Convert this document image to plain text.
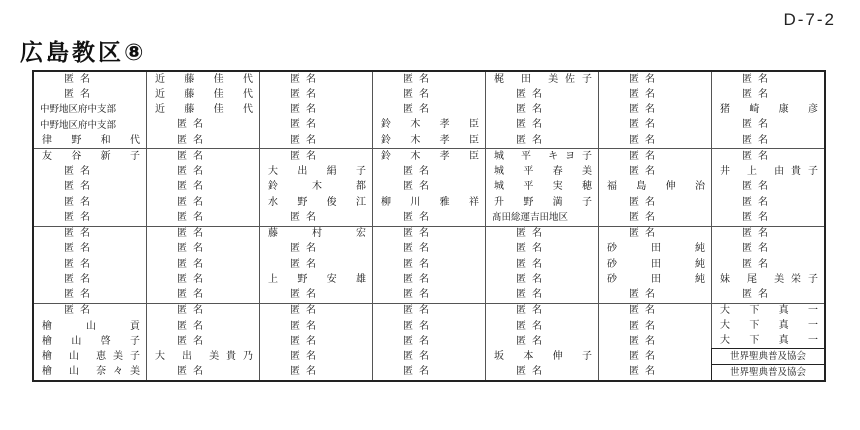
D-7-2
広島教区⑧
匿 名
匿 名
中野地区府中支部
中野地区府中支部
律 野 和 代
友 谷 新 子
匿 名
匿 名
匿 名
匿 名
匿 名
匿 名
匿 名
匿 名
匿 名
匿 名
檜 山 貢
檜 山 啓 子
檜 山 恵美子
檜 山 奈々美
近 藤 佳 代
近 藤 佳 代
近 藤 佳 代
匿 名
匿 名
匿 名
匿 名
匿 名
匿 名
匿 名
匿 名
匿 名
匿 名
匿 名
匿 名
匿 名
匿 名
匿 名
大 出 美貴乃
匿 名
匿 名
匿 名
匿 名
匿 名
匿 名
匿 名
大 出 絹 子
鈴 木 都
水 野 俊 江
匿 名
藤 村 宏
匿 名
匿 名
上 野 安 雄
匿 名
匿 名
匿 名
匿 名
匿 名
匿 名
匿 名
匿 名
匿 名
鈴 木 孝 臣
鈴 木 孝 臣
鈴 木 孝 臣
匿 名
匿 名
柳 川 雅 祥
匿 名
匿 名
匿 名
匿 名
匿 名
匿 名
匿 名
匿 名
匿 名
匿 名
匿 名
梶 田 美佐子
匿 名
匿 名
匿 名
匿 名
城 平 キヨ子
城 平 春 美
城 平 実 穂
升 野 満 子
髙田総運吉田地区
匿 名
匿 名
匿 名
匿 名
匿 名
匿 名
匿 名
匿 名
坂 本 伸 子
匿 名
匿 名
匿 名
匿 名
匿 名
匿 名
匿 名
匿 名
福 島 伸 治
匿 名
匿 名
匿 名
砂 田 純
砂 田 純
砂 田 純
匿 名
匿 名
匿 名
匿 名
匿 名
匿 名
匿 名
匿 名
猪 崎 康 彦
匿 名
匿 名
匿 名
井 上 由貴子
匿 名
匿 名
匿 名
匿 名
匿 名
匿 名
妹 尾 美栄子
匿 名
大 下 真 一
大 下 真 一
大 下 真 一
世界聖典普及協会
世界聖典普及協会
